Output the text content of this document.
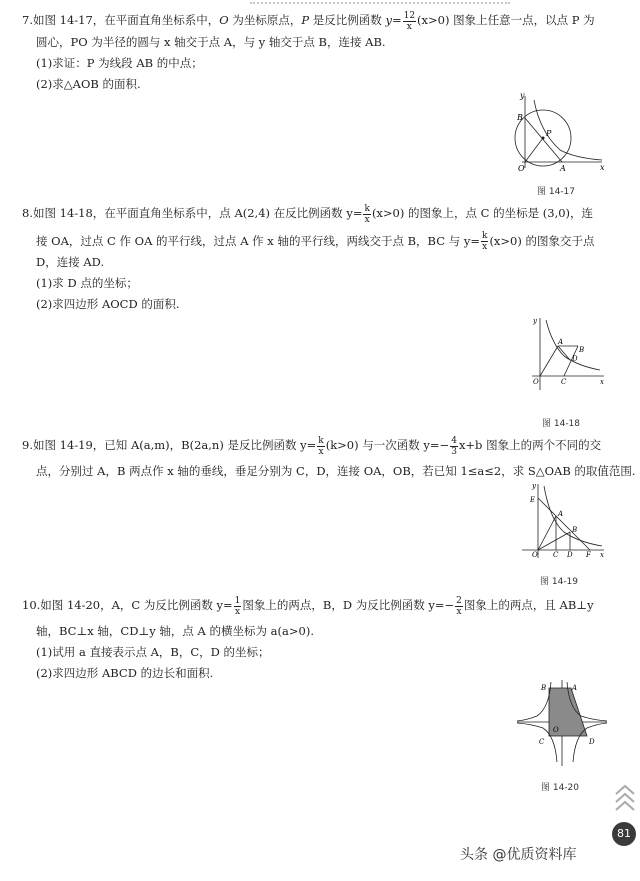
7.如图 14-17，在平面直角坐标系中，O 为坐标原点，P 是反比例函数 $y= \frac{12}{x} (x>0)$ 图象上任意一点，以点 P 为
圆心，PO 为半径的圆与 x 轴交于点 A，与 y 轴交于点 B，连接 AB.
(1)求证：P 为线段 AB 的中点；
(2)求△AOB 的面积.
y
x
B
P
O	A
图 14-17
8.如图 14-18，在平面直角坐标系中，点 A(2,4) 在反比例函数 $y= \frac{k}{x} (x>0)$ 的图象上，点 C 的坐标是 (3,0)，连
接 OA，过点 C 作 OA 的平行线，过点 A 作 x 轴的平行线，两线交于点 B，BC 与 $y= \frac{k}{x} (x>0)$ 的图象交于点
D，连接 AD.
(1)求 D 点的坐标；
(2)求四边形 AOCD 的面积.
y
x
A
B
D
O	C
图 14-18
9.如图 14-19，已知 A(a,m)，B(2a,n) 是反比例函数 $y= \frac{k}{x} (k>0)$ 与一次函数 $y=- \frac{4}{3} x+b$ 图象上的两个不同的交
点，分别过 A，B 两点作 x 轴的垂线，垂足分别为 C，D，连接 OA，OB，若已知 1≤a≤2，求 S△OAB 的取值范围.
y
x
E
A
B
O C D F
图 14-19
10.如图 14-20，A，C 为反比例函数 $y= \frac{1}{x}$ 图象上的两点，B，D 为反比例函数 $y=- \frac{2}{x}$ 图象上的两点，且 AB⊥y
轴，BC⊥x 轴，CD⊥y 轴，点 A 的横坐标为 a(a>0).
(1)试用 a 直接表示点 A，B，C，D 的坐标；
(2)求四边形 ABCD 的边长和面积.
B	A
O
C	D
图 14-20
81
头条 @优质资料库
